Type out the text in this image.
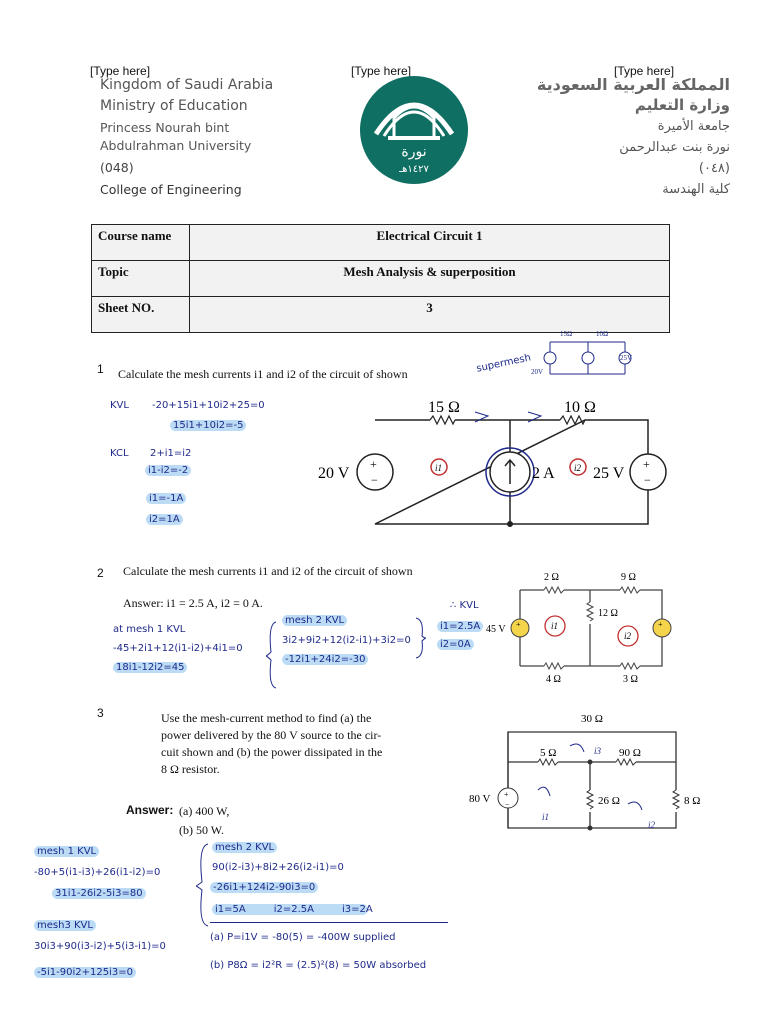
[Type here]	[Type here]	[Type here]
Kingdom of Saudi Arabia
Ministry of Education
Princess Nourah bint
Abdulrahman University
(048)
College of Engineering
نورة
١٤٢٧هـ
المملكة العربية السعودية
وزارة التعليم
جامعة الأميرة
نورة بنت عبدالرحمن
(٠٤٨)
كلية الهندسة
Course name	Electrical Circuit 1
Topic	Mesh Analysis & superposition
Sheet NO.	3
1 Calculate the mesh currents i1 and i2 of the circuit of shown
KVL -20+15i1+10i2+25=0
15i1+10i2=-5
KCL 2+i1=i2
i1-i2=-2
i1=-1A
i2=1A
supermesh
15Ω	10Ω
20V
25V
+
−
+
−
15 Ω	10 Ω
20 V	25 V
2 A
i1	i2
2 Calculate the mesh currents i1 and i2 of the circuit of shown
Answer: i1 = 2.5 A, i2 = 0 A.
at mesh 1 KVL
-45+2i1+12(i1-i2)+4i1=0
18i1-12i2=45
mesh 2 KVL
3i2+9i2+12(i2-i1)+3i2=0
-12i1+24i2=-30
∴ KVL
i1=2.5A
i2=0A
+	+
2 Ω	9 Ω
12 Ω
4 Ω	3 Ω
45 V	i1
i2
3	Use the mesh-current method to find (a) the
power delivered by the 80 V source to the cir-
cuit shown and (b) the power dissipated in the
8 Ω resistor.
Answer: (a) 400 W,
(b) 50 W.
+
−
30 Ω
5 Ω	90 Ω
26 Ω	8 Ω
80 V
i1
i2
i3
mesh 1 KVL
-80+5(i1-i3)+26(i1-i2)=0
31i1-26i2-5i3=80
mesh3 KVL
30i3+90(i3-i2)+5(i3-i1)=0
-5i1-90i2+125i3=0
mesh 2 KVL
90(i2-i3)+8i2+26(i2-i1)=0
-26i1+124i2-90i3=0
i1=5A	i2=2.5A	i3=2A
(a) P=i1V = -80(5) = -400W supplied
(b) P8Ω = i2²R = (2.5)²(8) = 50W absorbed
